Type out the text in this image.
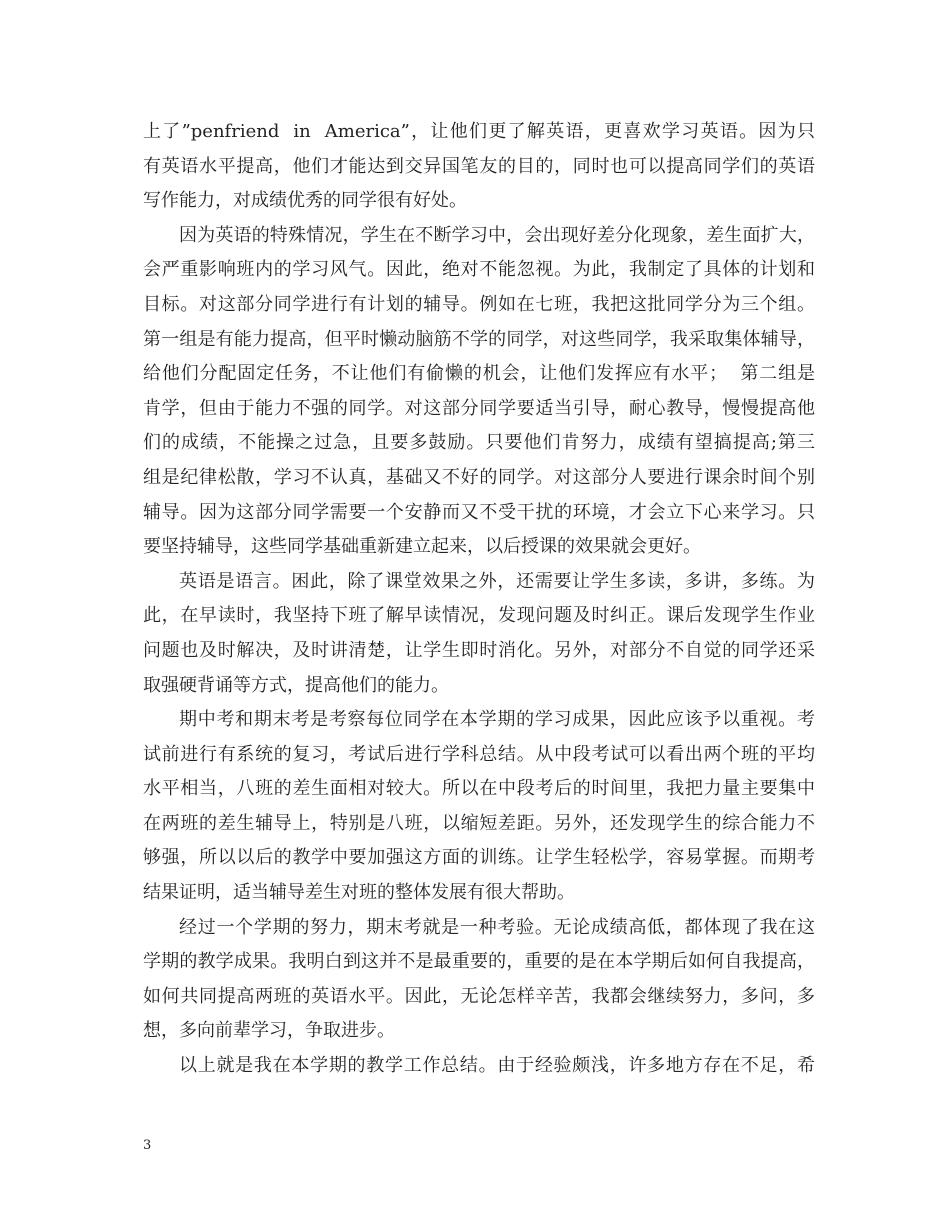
上了”penfriend  in  America”，让他们更了解英语，更喜欢学习英语。因为只
有英语水平提高，他们才能达到交异国笔友的目的，同时也可以提高同学们的英语
写作能力，对成绩优秀的同学很有好处。
因为英语的特殊情况，学生在不断学习中，会出现好差分化现象，差生面扩大，
会严重影响班内的学习风气。因此，绝对不能忽视。为此，我制定了具体的计划和
目标。对这部分同学进行有计划的辅导。例如在七班，我把这批同学分为三个组。
第一组是有能力提高，但平时懒动脑筋不学的同学，对这些同学，我采取集体辅导，
给他们分配固定任务，不让他们有偷懒的机会，让他们发挥应有水平；  第二组是
肯学，但由于能力不强的同学。对这部分同学要适当引导，耐心教导，慢慢提高他
们的成绩，不能操之过急，且要多鼓励。只要他们肯努力，成绩有望搞提高;第三
组是纪律松散，学习不认真，基础又不好的同学。对这部分人要进行课余时间个别
辅导。因为这部分同学需要一个安静而又不受干扰的环境，才会立下心来学习。只
要坚持辅导，这些同学基础重新建立起来，以后授课的效果就会更好。
英语是语言。困此，除了课堂效果之外，还需要让学生多读，多讲，多练。为
此，在早读时，我坚持下班了解早读情况，发现问题及时纠正。课后发现学生作业
问题也及时解决，及时讲清楚，让学生即时消化。另外，对部分不自觉的同学还采
取强硬背诵等方式，提高他们的能力。
期中考和期末考是考察每位同学在本学期的学习成果，因此应该予以重视。考
试前进行有系统的复习，考试后进行学科总结。从中段考试可以看出两个班的平均
水平相当，八班的差生面相对较大。所以在中段考后的时间里，我把力量主要集中
在两班的差生辅导上，特别是八班，以缩短差距。另外，还发现学生的综合能力不
够强，所以以后的教学中要加强这方面的训练。让学生轻松学，容易掌握。而期考
结果证明，适当辅导差生对班的整体发展有很大帮助。
经过一个学期的努力，期末考就是一种考验。无论成绩高低，都体现了我在这
学期的教学成果。我明白到这并不是最重要的，重要的是在本学期后如何自我提高，
如何共同提高两班的英语水平。因此，无论怎样辛苦，我都会继续努力，多问，多
想，多向前辈学习，争取进步。
以上就是我在本学期的教学工作总结。由于经验颇浅，许多地方存在不足，希
3
